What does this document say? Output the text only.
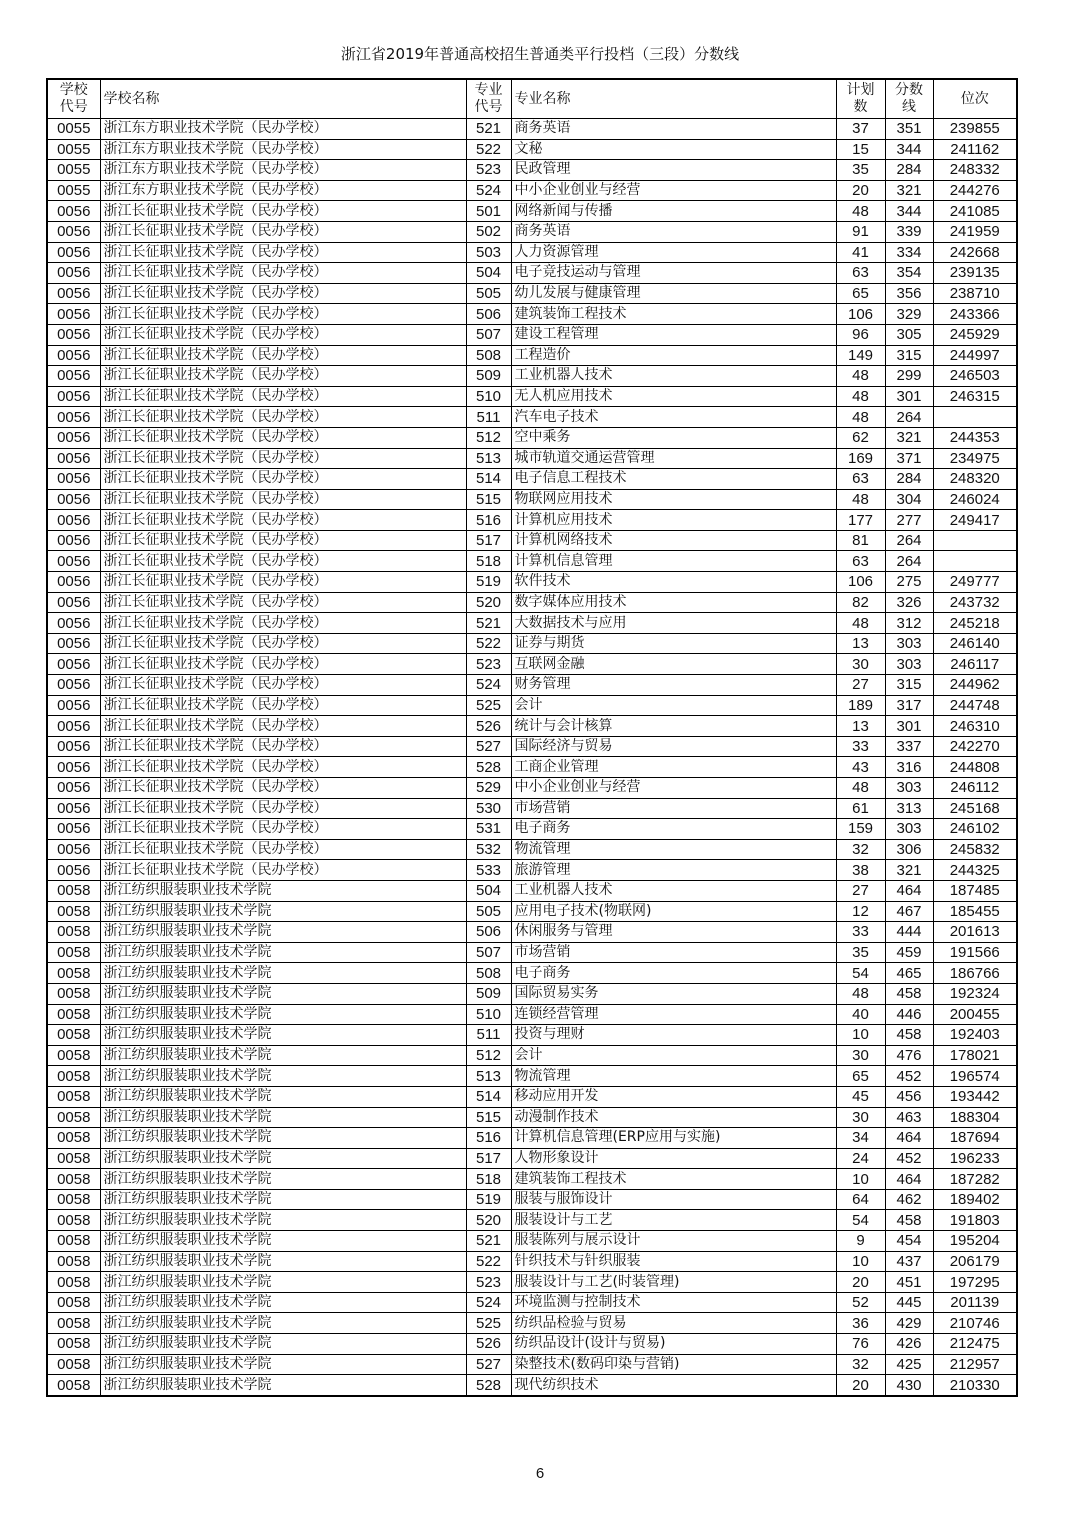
浙江省2019年普通高校招生普通类平行投档（三段）分数线
学校代号	学校名称	专业代号	专业名称	计划数	分数线	位次
0055	浙江东方职业技术学院（民办学校）	521	商务英语	37	351	239855
0055	浙江东方职业技术学院（民办学校）	522	文秘	15	344	241162
0055	浙江东方职业技术学院（民办学校）	523	民政管理	35	284	248332
0055	浙江东方职业技术学院（民办学校）	524	中小企业创业与经营	20	321	244276
0056	浙江长征职业技术学院（民办学校）	501	网络新闻与传播	48	344	241085
0056	浙江长征职业技术学院（民办学校）	502	商务英语	91	339	241959
0056	浙江长征职业技术学院（民办学校）	503	人力资源管理	41	334	242668
0056	浙江长征职业技术学院（民办学校）	504	电子竞技运动与管理	63	354	239135
0056	浙江长征职业技术学院（民办学校）	505	幼儿发展与健康管理	65	356	238710
0056	浙江长征职业技术学院（民办学校）	506	建筑装饰工程技术	106	329	243366
0056	浙江长征职业技术学院（民办学校）	507	建设工程管理	96	305	245929
0056	浙江长征职业技术学院（民办学校）	508	工程造价	149	315	244997
0056	浙江长征职业技术学院（民办学校）	509	工业机器人技术	48	299	246503
0056	浙江长征职业技术学院（民办学校）	510	无人机应用技术	48	301	246315
0056	浙江长征职业技术学院（民办学校）	511	汽车电子技术	48	264	
0056	浙江长征职业技术学院（民办学校）	512	空中乘务	62	321	244353
0056	浙江长征职业技术学院（民办学校）	513	城市轨道交通运营管理	169	371	234975
0056	浙江长征职业技术学院（民办学校）	514	电子信息工程技术	63	284	248320
0056	浙江长征职业技术学院（民办学校）	515	物联网应用技术	48	304	246024
0056	浙江长征职业技术学院（民办学校）	516	计算机应用技术	177	277	249417
0056	浙江长征职业技术学院（民办学校）	517	计算机网络技术	81	264	
0056	浙江长征职业技术学院（民办学校）	518	计算机信息管理	63	264	
0056	浙江长征职业技术学院（民办学校）	519	软件技术	106	275	249777
0056	浙江长征职业技术学院（民办学校）	520	数字媒体应用技术	82	326	243732
0056	浙江长征职业技术学院（民办学校）	521	大数据技术与应用	48	312	245218
0056	浙江长征职业技术学院（民办学校）	522	证券与期货	13	303	246140
0056	浙江长征职业技术学院（民办学校）	523	互联网金融	30	303	246117
0056	浙江长征职业技术学院（民办学校）	524	财务管理	27	315	244962
0056	浙江长征职业技术学院（民办学校）	525	会计	189	317	244748
0056	浙江长征职业技术学院（民办学校）	526	统计与会计核算	13	301	246310
0056	浙江长征职业技术学院（民办学校）	527	国际经济与贸易	33	337	242270
0056	浙江长征职业技术学院（民办学校）	528	工商企业管理	43	316	244808
0056	浙江长征职业技术学院（民办学校）	529	中小企业创业与经营	48	303	246112
0056	浙江长征职业技术学院（民办学校）	530	市场营销	61	313	245168
0056	浙江长征职业技术学院（民办学校）	531	电子商务	159	303	246102
0056	浙江长征职业技术学院（民办学校）	532	物流管理	32	306	245832
0056	浙江长征职业技术学院（民办学校）	533	旅游管理	38	321	244325
0058	浙江纺织服装职业技术学院	504	工业机器人技术	27	464	187485
0058	浙江纺织服装职业技术学院	505	应用电子技术(物联网)	12	467	185455
0058	浙江纺织服装职业技术学院	506	休闲服务与管理	33	444	201613
0058	浙江纺织服装职业技术学院	507	市场营销	35	459	191566
0058	浙江纺织服装职业技术学院	508	电子商务	54	465	186766
0058	浙江纺织服装职业技术学院	509	国际贸易实务	48	458	192324
0058	浙江纺织服装职业技术学院	510	连锁经营管理	40	446	200455
0058	浙江纺织服装职业技术学院	511	投资与理财	10	458	192403
0058	浙江纺织服装职业技术学院	512	会计	30	476	178021
0058	浙江纺织服装职业技术学院	513	物流管理	65	452	196574
0058	浙江纺织服装职业技术学院	514	移动应用开发	45	456	193442
0058	浙江纺织服装职业技术学院	515	动漫制作技术	30	463	188304
0058	浙江纺织服装职业技术学院	516	计算机信息管理(ERP应用与实施)	34	464	187694
0058	浙江纺织服装职业技术学院	517	人物形象设计	24	452	196233
0058	浙江纺织服装职业技术学院	518	建筑装饰工程技术	10	464	187282
0058	浙江纺织服装职业技术学院	519	服装与服饰设计	64	462	189402
0058	浙江纺织服装职业技术学院	520	服装设计与工艺	54	458	191803
0058	浙江纺织服装职业技术学院	521	服装陈列与展示设计	9	454	195204
0058	浙江纺织服装职业技术学院	522	针织技术与针织服装	10	437	206179
0058	浙江纺织服装职业技术学院	523	服装设计与工艺(时装管理)	20	451	197295
0058	浙江纺织服装职业技术学院	524	环境监测与控制技术	52	445	201139
0058	浙江纺织服装职业技术学院	525	纺织品检验与贸易	36	429	210746
0058	浙江纺织服装职业技术学院	526	纺织品设计(设计与贸易)	76	426	212475
0058	浙江纺织服装职业技术学院	527	染整技术(数码印染与营销)	32	425	212957
0058	浙江纺织服装职业技术学院	528	现代纺织技术	20	430	210330
6
